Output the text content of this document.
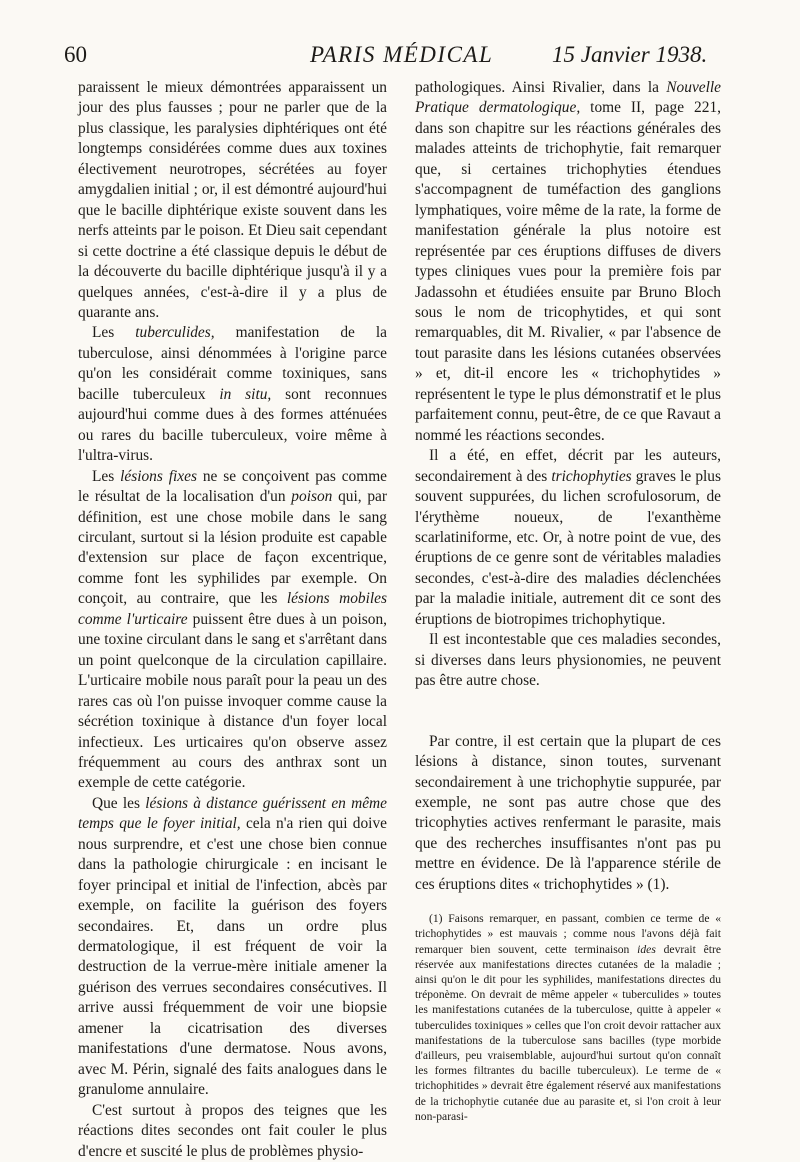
60	PARIS MÉDICAL	15 Janvier 1938.

paraissent le mieux démontrées apparaissent un jour des plus fausses ; pour ne parler que de la plus classique, les paralysies diphtériques ont été longtemps considérées comme dues aux toxines électivement neurotropes, sécrétées au foyer amygdalien initial ; or, il est démontré aujourd'hui que le bacille diphtérique existe souvent dans les nerfs atteints par le poison. Et Dieu sait cependant si cette doctrine a été classique depuis le début de la découverte du bacille diphtérique jusqu'à il y a quelques années, c'est-à-dire il y a plus de quarante ans.

Les tuberculides, manifestation de la tuberculose, ainsi dénommées à l'origine parce qu'on les considérait comme toxiniques, sans bacille tuberculeux in situ, sont reconnues aujourd'hui comme dues à des formes atténuées ou rares du bacille tuberculeux, voire même à l'ultra-virus.

Les lésions fixes ne se conçoivent pas comme le résultat de la localisation d'un poison qui, par définition, est une chose mobile dans le sang circulant, surtout si la lésion produite est capable d'extension sur place de façon excentrique, comme font les syphilides par exemple. On conçoit, au contraire, que les lésions mobiles comme l'urticaire puissent être dues à un poison, une toxine circulant dans le sang et s'arrêtant dans un point quelconque de la circulation capillaire. L'urticaire mobile nous paraît pour la peau un des rares cas où l'on puisse invoquer comme cause la sécrétion toxinique à distance d'un foyer local infectieux. Les urticaires qu'on observe assez fréquemment au cours des anthrax sont un exemple de cette catégorie.

Que les lésions à distance guérissent en même temps que le foyer initial, cela n'a rien qui doive nous surprendre, et c'est une chose bien connue dans la pathologie chirurgicale : en incisant le foyer principal et initial de l'infection, abcès par exemple, on facilite la guérison des foyers secondaires. Et, dans un ordre plus dermatologique, il est fréquent de voir la destruction de la verrue-mère initiale amener la guérison des verrues secondaires consécutives. Il arrive aussi fréquemment de voir une biopsie amener la cicatrisation des diverses manifestations d'une dermatose. Nous avons, avec M. Périn, signalé des faits analogues dans le granulome annulaire.

C'est surtout à propos des teignes que les réactions dites secondes ont fait couler le plus d'encre et suscité le plus de problèmes physio-

pathologiques. Ainsi Rivalier, dans la Nouvelle Pratique dermatologique, tome II, page 221, dans son chapitre sur les réactions générales des malades atteints de trichophytie, fait remarquer que, si certaines trichophyties étendues s'accompagnent de tuméfaction des ganglions lymphatiques, voire même de la rate, la forme de manifestation générale la plus notoire est représentée par ces éruptions diffuses de divers types cliniques vues pour la première fois par Jadassohn et étudiées ensuite par Bruno Bloch sous le nom de tricophytides, et qui sont remarquables, dit M. Rivalier, « par l'absence de tout parasite dans les lésions cutanées observées » et, dit-il encore les « trichophytides » représentent le type le plus démonstratif et le plus parfaitement connu, peut-être, de ce que Ravaut a nommé les réactions secondes.

Il a été, en effet, décrit par les auteurs, secondairement à des trichophyties graves le plus souvent suppurées, du lichen scrofulosorum, de l'érythème noueux, de l'exanthème scarlatiniforme, etc. Or, à notre point de vue, des éruptions de ce genre sont de véritables maladies secondes, c'est-à-dire des maladies déclenchées par la maladie initiale, autrement dit ce sont des éruptions de biotropimes trichophytique.

Il est incontestable que ces maladies secondes, si diverses dans leurs physionomies, ne peuvent pas être autre chose.

Par contre, il est certain que la plupart de ces lésions à distance, sinon toutes, survenant secondairement à une trichophytie suppurée, par exemple, ne sont pas autre chose que des tricophyties actives renfermant le parasite, mais que des recherches insuffisantes n'ont pas pu mettre en évidence. De là l'apparence stérile de ces éruptions dites « trichophytides » (1).

(1) Faisons remarquer, en passant, combien ce terme de « trichophytides » est mauvais ; comme nous l'avons déjà fait remarquer bien souvent, cette terminaison ides devrait être réservée aux manifestations directes cutanées de la maladie ; ainsi qu'on le dit pour les syphilides, manifestations directes du tréponème. On devrait de même appeler « tuberculides » toutes les manifestations cutanées de la tuberculose, quitte à appeler « tuberculides toxiniques » celles que l'on croit devoir rattacher aux manifestations de la tuberculose sans bacilles (type morbide d'ailleurs, peu vraisemblable, aujourd'hui surtout qu'on connaît les formes filtrantes du bacille tuberculeux). Le terme de « trichophitides » devrait être également réservé aux manifestations de la trichophytie cutanée due au parasite et, si l'on croit à leur non-parasi-
